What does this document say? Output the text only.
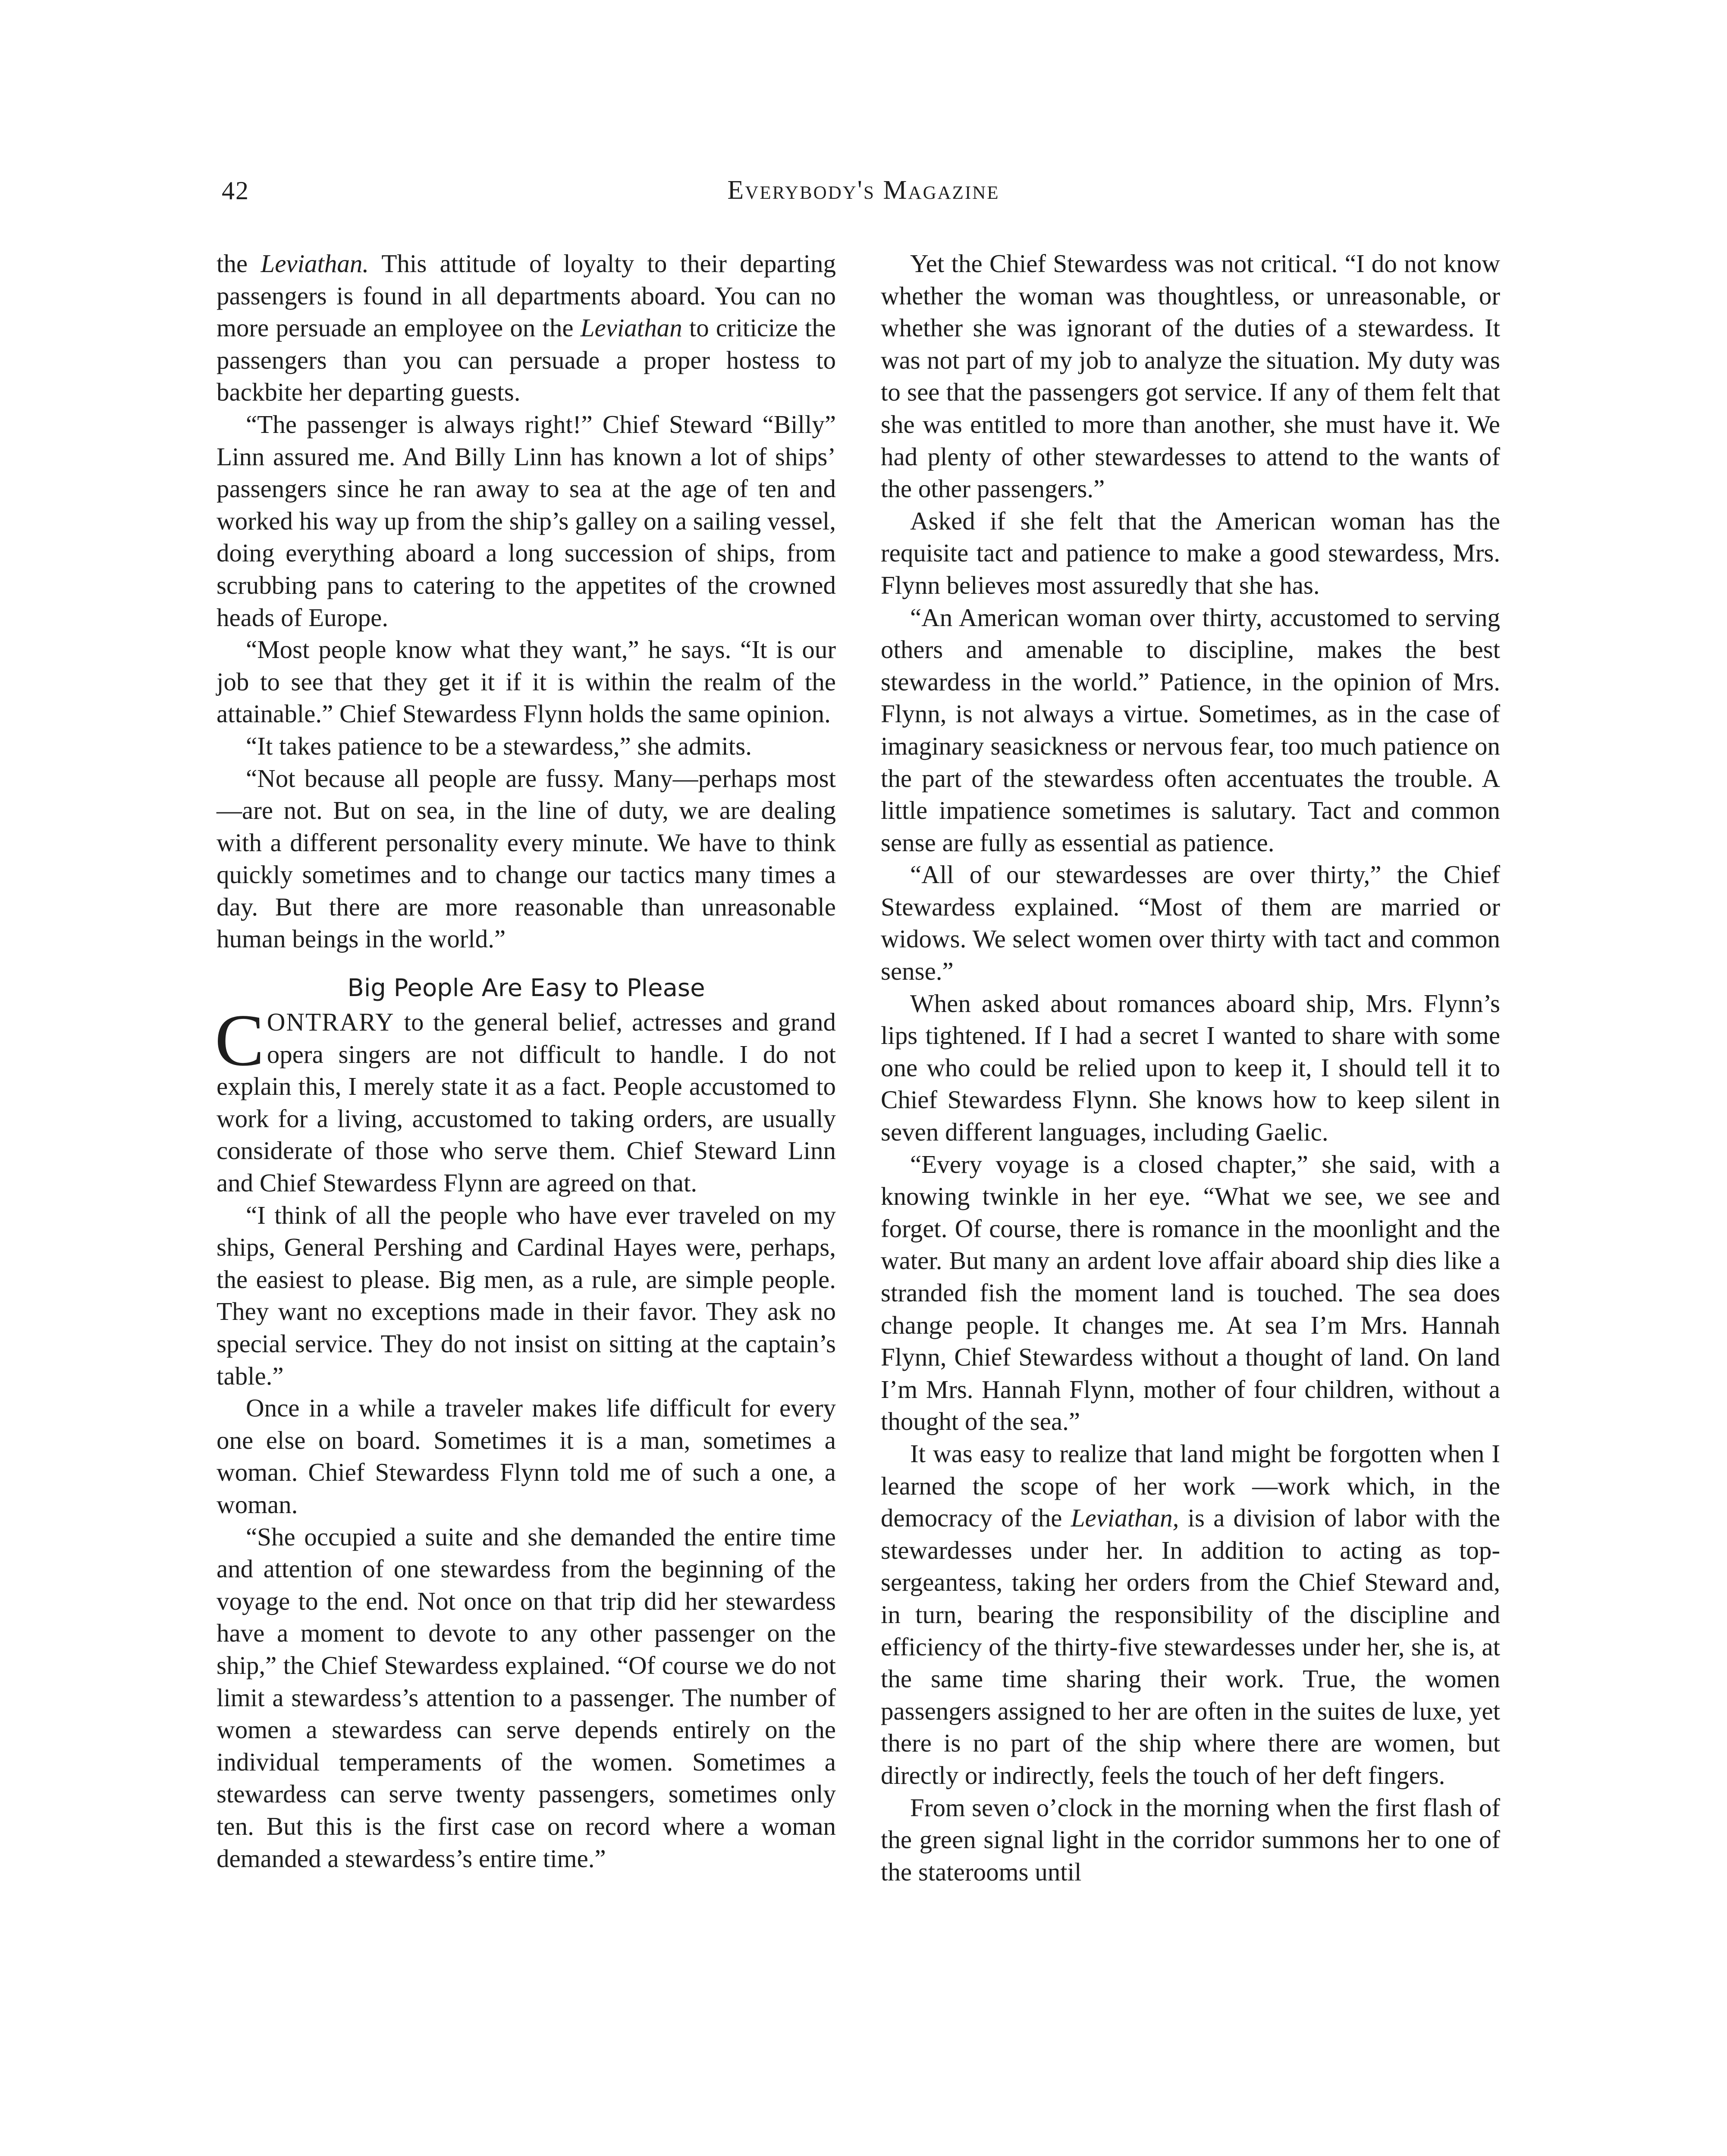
42	Everybody's Magazine

the Leviathan. This attitude of loyalty to their departing passengers is found in all departments aboard. You can no more persuade an employee on the Leviathan to criticize the passengers than you can persuade a proper hostess to backbite her departing guests.

“The passenger is always right!” Chief Steward “Billy” Linn assured me. And Billy Linn has known a lot of ships’ passengers since he ran away to sea at the age of ten and worked his way up from the ship’s galley on a sailing vessel, doing everything aboard a long succession of ships, from scrubbing pans to catering to the appetites of the crowned heads of Europe.

“Most people know what they want,” he says. “It is our job to see that they get it if it is within the realm of the attainable.” Chief Stewardess Flynn holds the same opinion.

“It takes patience to be a stewardess,” she admits.

“Not because all people are fussy. Many—perhaps most—are not. But on sea, in the line of duty, we are dealing with a different personality every minute. We have to think quickly sometimes and to change our tactics many times a day. But there are more reasonable than unreasonable human beings in the world.”

Big People Are Easy to Please

CONTRARY to the general belief, actresses and grand opera singers are not difficult to handle. I do not explain this, I merely state it as a fact. People accustomed to work for a living, accustomed to taking orders, are usually considerate of those who serve them. Chief Steward Linn and Chief Stewardess Flynn are agreed on that.

“I think of all the people who have ever traveled on my ships, General Pershing and Cardinal Hayes were, perhaps, the easiest to please. Big men, as a rule, are simple people. They want no exceptions made in their favor. They ask no special service. They do not insist on sitting at the captain’s table.”

Once in a while a traveler makes life difficult for every one else on board. Sometimes it is a man, sometimes a woman. Chief Stewardess Flynn told me of such a one, a woman.

“She occupied a suite and she demanded the entire time and attention of one stewardess from the beginning of the voyage to the end. Not once on that trip did her stewardess have a moment to devote to any other passenger on the ship,” the Chief Stewardess explained. “Of course we do not limit a stewardess’s attention to a passenger. The number of women a stewardess can serve depends entirely on the individual temperaments of the women. Sometimes a stewardess can serve twenty passengers, sometimes only ten. But this is the first case on record where a woman demanded a stewardess’s entire time.”

Yet the Chief Stewardess was not critical. “I do not know whether the woman was thoughtless, or unreasonable, or whether she was ignorant of the duties of a stewardess. It was not part of my job to analyze the situation. My duty was to see that the passengers got service. If any of them felt that she was entitled to more than another, she must have it. We had plenty of other stewardesses to attend to the wants of the other passengers.”

Asked if she felt that the American woman has the requisite tact and patience to make a good stewardess, Mrs. Flynn believes most assuredly that she has.

“An American woman over thirty, accustomed to serving others and amenable to discipline, makes the best stewardess in the world.” Patience, in the opinion of Mrs. Flynn, is not always a virtue. Sometimes, as in the case of imaginary seasickness or nervous fear, too much patience on the part of the stewardess often accentuates the trouble. A little impatience sometimes is salutary. Tact and common sense are fully as essential as patience.

“All of our stewardesses are over thirty,” the Chief Stewardess explained. “Most of them are married or widows. We select women over thirty with tact and common sense.”

When asked about romances aboard ship, Mrs. Flynn’s lips tightened. If I had a secret I wanted to share with some one who could be relied upon to keep it, I should tell it to Chief Stewardess Flynn. She knows how to keep silent in seven different languages, including Gaelic.

“Every voyage is a closed chapter,” she said, with a knowing twinkle in her eye. “What we see, we see and forget. Of course, there is romance in the moonlight and the water. But many an ardent love affair aboard ship dies like a stranded fish the moment land is touched. The sea does change people. It changes me. At sea I’m Mrs. Hannah Flynn, Chief Stewardess without a thought of land. On land I’m Mrs. Hannah Flynn, mother of four children, without a thought of the sea.”

It was easy to realize that land might be forgotten when I learned the scope of her work —work which, in the democracy of the Leviathan, is a division of labor with the stewardesses under her. In addition to acting as top-sergeantess, taking her orders from the Chief Steward and, in turn, bearing the responsibility of the discipline and efficiency of the thirty-five stewardesses under her, she is, at the same time sharing their work. True, the women passengers assigned to her are often in the suites de luxe, yet there is no part of the ship where there are women, but directly or indirectly, feels the touch of her deft fingers.

From seven o’clock in the morning when the first flash of the green signal light in the corridor summons her to one of the staterooms until
